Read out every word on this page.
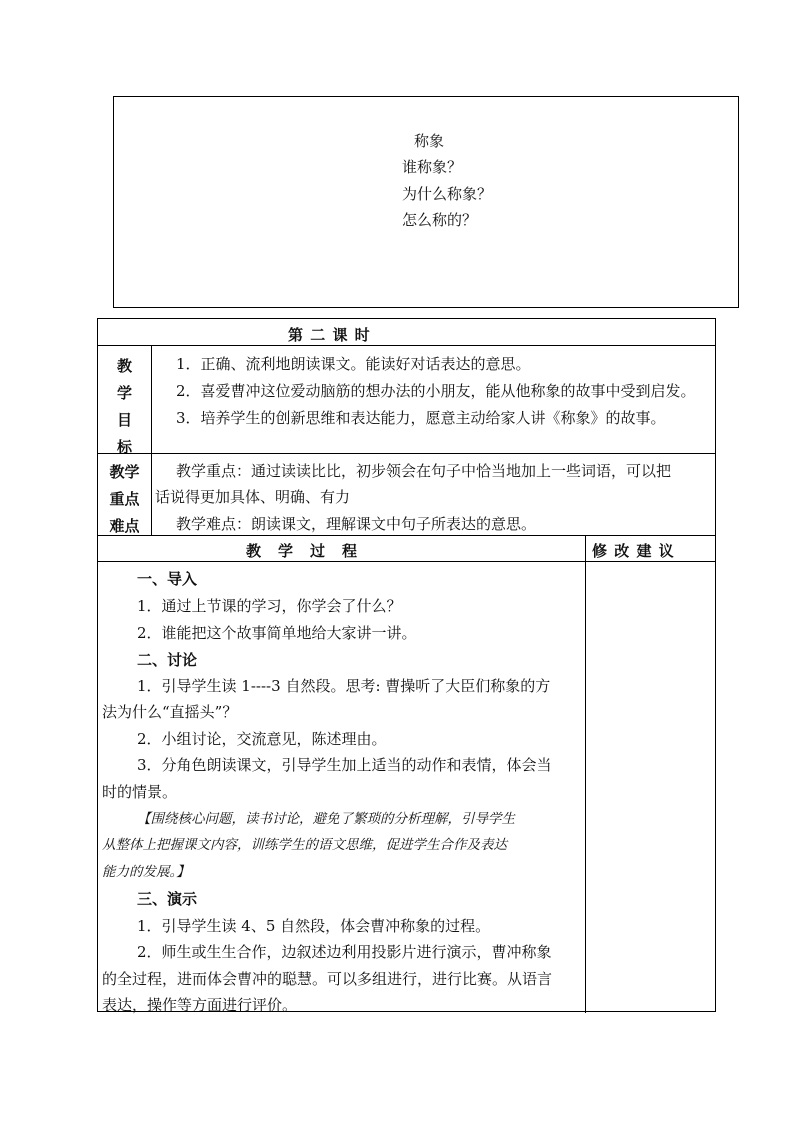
称象
谁称象？
为什么称象？
怎么称的？
第 二 课 时
教
学
目
标
1．正确、流利地朗读课文。能读好对话表达的意思。
2．喜爱曹冲这位爱动脑筋的想办法的小朋友，能从他称象的故事中受到启发。
3．培养学生的创新思维和表达能力，愿意主动给家人讲《称象》的故事。
教学
重点
难点
教学重点：通过读读比比，初步领会在句子中恰当地加上一些词语，可以把
话说得更加具体、明确、有力
教学难点：朗读课文，理解课文中句子所表达的意思。
教　学　过　程	修 改 建 议
一、导入
1．通过上节课的学习，你学会了什么？
2．谁能把这个故事简单地给大家讲一讲。
二、讨论
1．引导学生读 1----3 自然段。思考: 曹操听了大臣们称象的方
法为什么“直摇头”？
2．小组讨论，交流意见，陈述理由。
3．分角色朗读课文，引导学生加上适当的动作和表情，体会当
时的情景。
【围绕核心问题，读书讨论，避免了繁琐的分析理解，引导学生
从整体上把握课文内容，训练学生的语文思维，促进学生合作及表达
能力的发展。】
三、演示
1．引导学生读 4、5 自然段，体会曹冲称象的过程。
2．师生或生生合作，边叙述边利用投影片进行演示，曹冲称象
的全过程，进而体会曹冲的聪慧。可以多组进行，进行比赛。从语言
表达，操作等方面进行评价。
